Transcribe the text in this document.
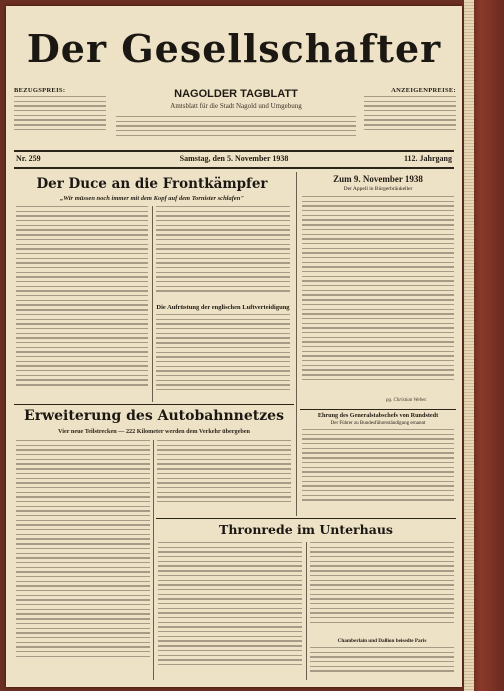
Der Gesellschafter
BEZUGSPREIS:	NAGOLDER TAGBLATT
Amtsblatt für die Stadt Nagold und Umgebung
ANZEIGENPREISE:
Nr. 259	Samstag, den 5. November 1938	112. Jahrgang
Der Duce an die Frontkämpfer
„Wir müssen noch immer mit dem Kopf auf dem Tornister schlafen"
Die Aufrüstung der englischen Luftverteidigung
Zum 9. November 1938
Der Appell in Bürgerbräukeller
pg. Christian Weber.
Ehrung des Generalstabschefs von Rundstedt
Der Führer zu Bundesführerständigung ernannt
Erweiterung des Autobahnnetzes
Vier neue Teilstrecken — 222 Kilometer werden dem Verkehr übergeben
Thronrede im Unterhaus
Chamberlain und Dallion beisedte Paris
